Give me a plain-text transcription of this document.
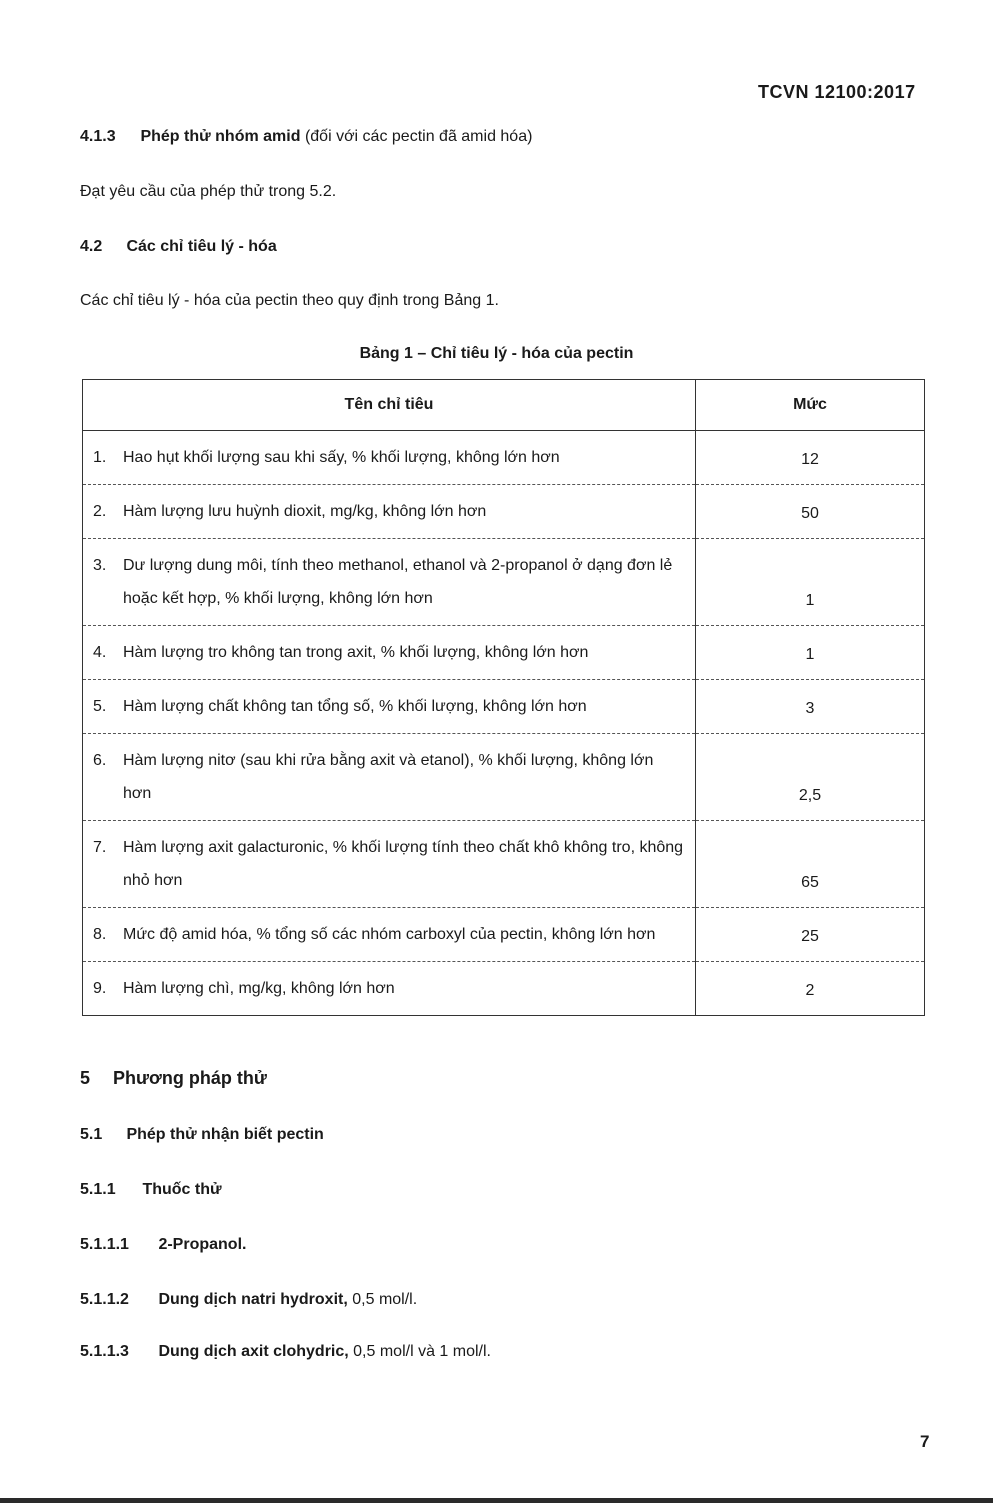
TCVN 12100:2017
4.1.3 Phép thử nhóm amid (đối với các pectin đã amid hóa)
Đạt yêu cầu của phép thử trong 5.2.
4.2 Các chỉ tiêu lý - hóa
Các chỉ tiêu lý - hóa của pectin theo quy định trong Bảng 1.
Bảng 1 – Chỉ tiêu lý - hóa của pectin
Tên chỉ tiêu	Mức
1. Hao hụt khối lượng sau khi sấy, % khối lượng, không lớn hơn	12
2. Hàm lượng lưu huỳnh dioxit, mg/kg, không lớn hơn	50
3. Dư lượng dung môi, tính theo methanol, ethanol và 2-propanol ở dạng đơn lẻ hoặc kết hợp, % khối lượng, không lớn hơn	1
4. Hàm lượng tro không tan trong axit, % khối lượng, không lớn hơn	1
5. Hàm lượng chất không tan tổng số, % khối lượng, không lớn hơn	3
6. Hàm lượng nitơ (sau khi rửa bằng axit và etanol), % khối lượng, không lớn hơn	2,5
7. Hàm lượng axit galacturonic, % khối lượng tính theo chất khô không tro, không nhỏ hơn	65
8. Mức độ amid hóa, % tổng số các nhóm carboxyl của pectin, không lớn hơn	25
9. Hàm lượng chì, mg/kg, không lớn hơn	2
5 Phương pháp thử
5.1 Phép thử nhận biết pectin
5.1.1 Thuốc thử
5.1.1.1 2-Propanol.
5.1.1.2 Dung dịch natri hydroxit, 0,5 mol/l.
5.1.1.3 Dung dịch axit clohydric, 0,5 mol/l và 1 mol/l.
7
